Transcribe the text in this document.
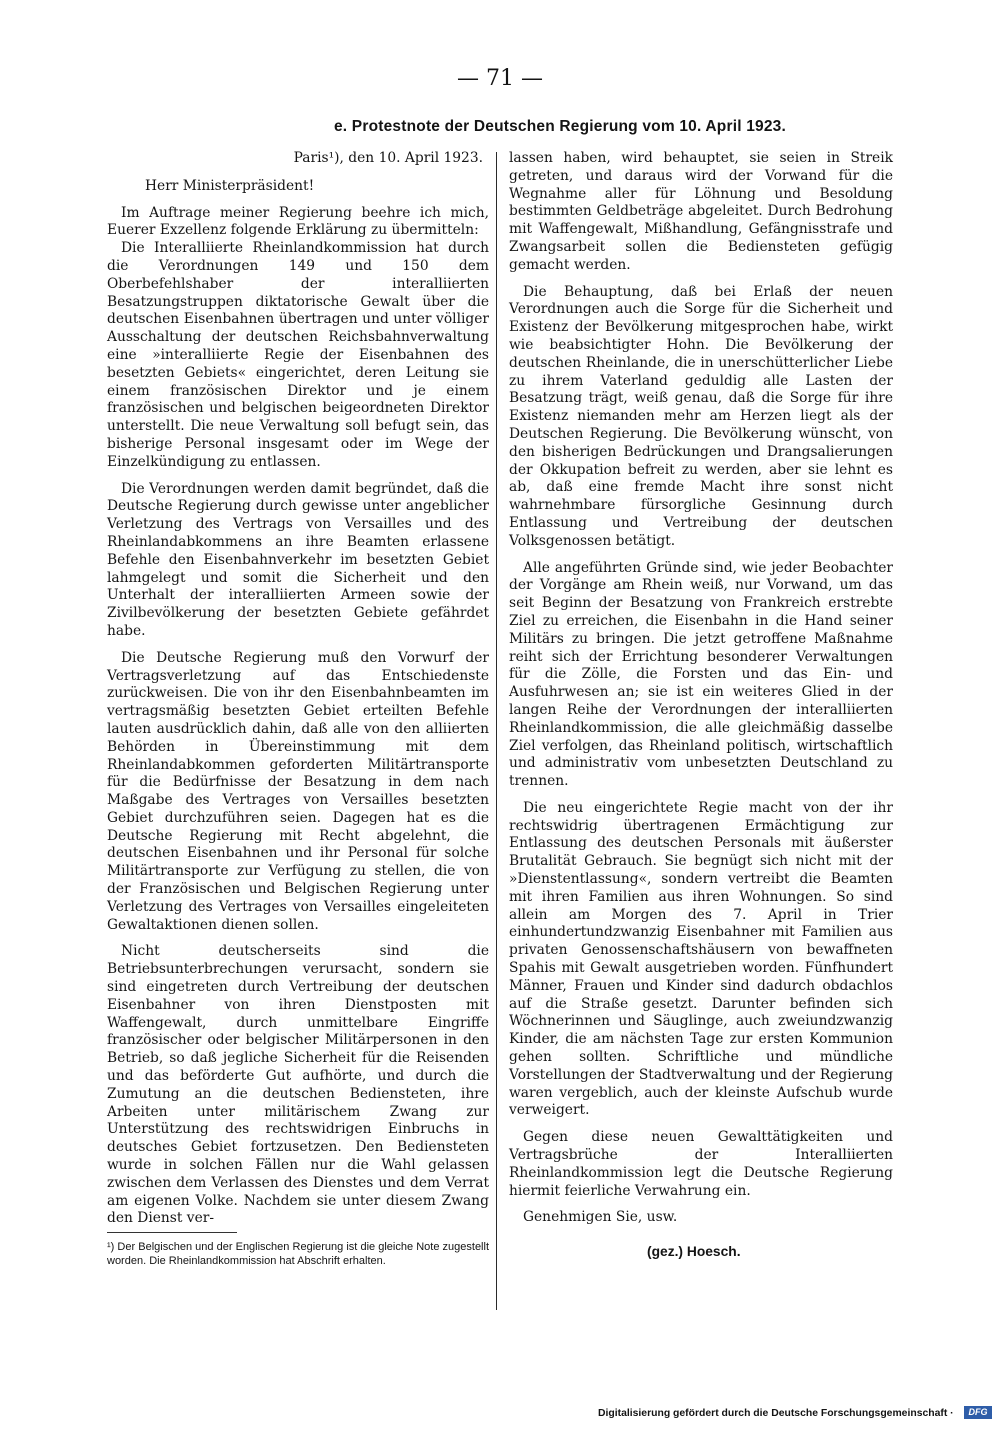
— 71 —
e. Protestnote der Deutschen Regierung vom 10. April 1923.
Paris¹), den 10. April 1923.
Herr Ministerpräsident!

Im Auftrage meiner Regierung beehre ich mich, Euerer Exzellenz folgende Erklärung zu übermitteln:

Die Interalliierte Rheinlandkommission hat durch die Verordnungen 149 und 150 dem Oberbefehlshaber der interalliierten Besatzungstruppen diktatorische Gewalt über die deutschen Eisenbahnen übertragen und unter völliger Ausschaltung der deutschen Reichsbahnverwaltung eine »interalliierte Regie der Eisenbahnen des besetzten Gebiets« eingerichtet, deren Leitung sie einem französischen Direktor und je einem französischen und belgischen beigeordneten Direktor unterstellt. Die neue Verwaltung soll befugt sein, das bisherige Personal insgesamt oder im Wege der Einzelkündigung zu entlassen.

Die Verordnungen werden damit begründet, daß die Deutsche Regierung durch gewisse unter angeblicher Verletzung des Vertrags von Versailles und des Rheinlandabkommens an ihre Beamten erlassene Befehle den Eisenbahnverkehr im besetzten Gebiet lahmgelegt und somit die Sicherheit und den Unterhalt der interalliierten Armeen sowie der Zivilbevölkerung der besetzten Gebiete gefährdet habe.

Die Deutsche Regierung muß den Vorwurf der Vertragsverletzung auf das Entschiedenste zurückweisen. Die von ihr den Eisenbahnbeamten im vertragsmäßig besetzten Gebiet erteilten Befehle lauten ausdrücklich dahin, daß alle von den alliierten Behörden in Übereinstimmung mit dem Rheinlandabkommen geforderten Militärtransporte für die Bedürfnisse der Besatzung in dem nach Maßgabe des Vertrages von Versailles besetzten Gebiet durchzuführen seien. Dagegen hat es die Deutsche Regierung mit Recht abgelehnt, die deutschen Eisenbahnen und ihr Personal für solche Militärtransporte zur Verfügung zu stellen, die von der Französischen und Belgischen Regierung unter Verletzung des Vertrages von Versailles eingeleiteten Gewaltaktionen dienen sollen.

Nicht deutscherseits sind die Betriebsunterbrechungen verursacht, sondern sie sind eingetreten durch Vertreibung der deutschen Eisenbahner von ihren Dienstposten mit Waffengewalt, durch unmittelbare Eingriffe französischer oder belgischer Militärpersonen in den Betrieb, so daß jegliche Sicherheit für die Reisenden und das beförderte Gut aufhörte, und durch die Zumutung an die deutschen Bediensteten, ihre Arbeiten unter militärischem Zwang zur Unterstützung des rechtswidrigen Einbruchs in deutsches Gebiet fortzusetzen. Den Bediensteten wurde in solchen Fällen nur die Wahl gelassen zwischen dem Verlassen des Dienstes und dem Verrat am eigenen Volke. Nachdem sie unter diesem Zwang den Dienst ver-

¹) Der Belgischen und der Englischen Regierung ist die gleiche Note zugestellt worden. Die Rheinlandkommission hat Abschrift erhalten.

lassen haben, wird behauptet, sie seien in Streik getreten, und daraus wird der Vorwand für die Wegnahme aller für Löhnung und Besoldung bestimmten Geldbeträge abgeleitet. Durch Bedrohung mit Waffengewalt, Mißhandlung, Gefängnisstrafe und Zwangsarbeit sollen die Bediensteten gefügig gemacht werden.

Die Behauptung, daß bei Erlaß der neuen Verordnungen auch die Sorge für die Sicherheit und Existenz der Bevölkerung mitgesprochen habe, wirkt wie beabsichtigter Hohn. Die Bevölkerung der deutschen Rheinlande, die in unerschütterlicher Liebe zu ihrem Vaterland geduldig alle Lasten der Besatzung trägt, weiß genau, daß die Sorge für ihre Existenz niemanden mehr am Herzen liegt als der Deutschen Regierung. Die Bevölkerung wünscht, von den bisherigen Bedrückungen und Drangsalierungen der Okkupation befreit zu werden, aber sie lehnt es ab, daß eine fremde Macht ihre sonst nicht wahrnehmbare fürsorgliche Gesinnung durch Entlassung und Vertreibung der deutschen Volksgenossen betätigt.

Alle angeführten Gründe sind, wie jeder Beobachter der Vorgänge am Rhein weiß, nur Vorwand, um das seit Beginn der Besatzung von Frankreich erstrebte Ziel zu erreichen, die Eisenbahn in die Hand seiner Militärs zu bringen. Die jetzt getroffene Maßnahme reiht sich der Errichtung besonderer Verwaltungen für die Zölle, die Forsten und das Ein- und Ausfuhrwesen an; sie ist ein weiteres Glied in der langen Reihe der Verordnungen der interalliierten Rheinlandkommission, die alle gleichmäßig dasselbe Ziel verfolgen, das Rheinland politisch, wirtschaftlich und administrativ vom unbesetzten Deutschland zu trennen.

Die neu eingerichtete Regie macht von der ihr rechtswidrig übertragenen Ermächtigung zur Entlassung des deutschen Personals mit äußerster Brutalität Gebrauch. Sie begnügt sich nicht mit der »Dienstentlassung«, sondern vertreibt die Beamten mit ihren Familien aus ihren Wohnungen. So sind allein am Morgen des 7. April in Trier einhundertundzwanzig Eisenbahner mit Familien aus privaten Genossenschaftshäusern von bewaffneten Spahis mit Gewalt ausgetrieben worden. Fünfhundert Männer, Frauen und Kinder sind dadurch obdachlos auf die Straße gesetzt. Darunter befinden sich Wöchnerinnen und Säuglinge, auch zweiundzwanzig Kinder, die am nächsten Tage zur ersten Kommunion gehen sollten. Schriftliche und mündliche Vorstellungen der Stadtverwaltung und der Regierung waren vergeblich, auch der kleinste Aufschub wurde verweigert.

Gegen diese neuen Gewalttätigkeiten und Vertragsbrüche der Interalliierten Rheinlandkommission legt die Deutsche Regierung hiermit feierliche Verwahrung ein.

Genehmigen Sie, usw.
(gez.) Hoesch.
Digitalisierung gefördert durch die Deutsche Forschungsgemeinschaft ·	DFG
